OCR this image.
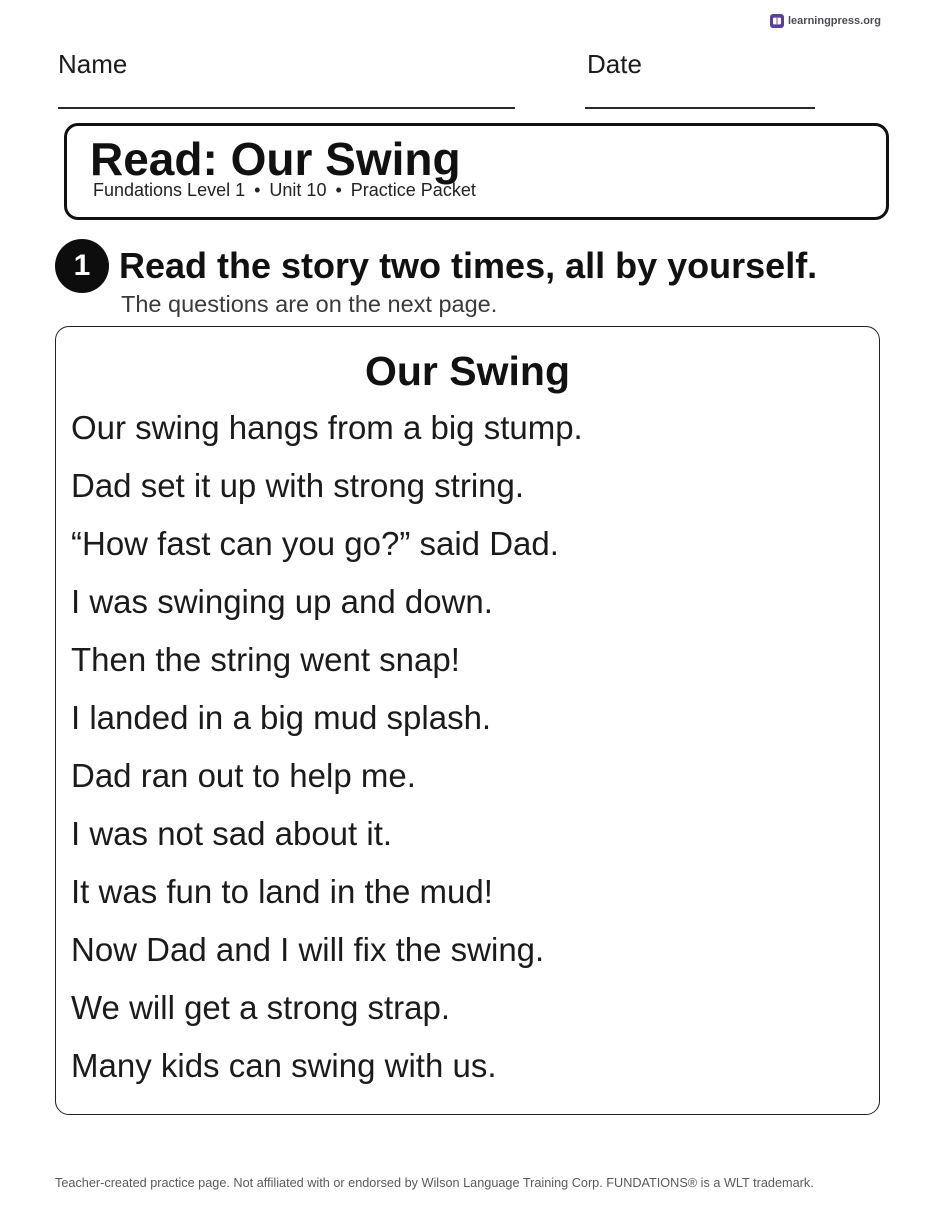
learningpress.org
Name	Date
Read: Our Swing
Fundations Level 1 • Unit 10 • Practice Packet
1 Read the story two times, all by yourself.
The questions are on the next page.
Our Swing
Our swing hangs from a big stump.
Dad set it up with strong string.
“How fast can you go?” said Dad.
I was swinging up and down.
Then the string went snap!
I landed in a big mud splash.
Dad ran out to help me.
I was not sad about it.
It was fun to land in the mud!
Now Dad and I will fix the swing.
We will get a strong strap.
Many kids can swing with us.
Teacher-created practice page. Not affiliated with or endorsed by Wilson Language Training Corp. FUNDATIONS® is a WLT trademark.
